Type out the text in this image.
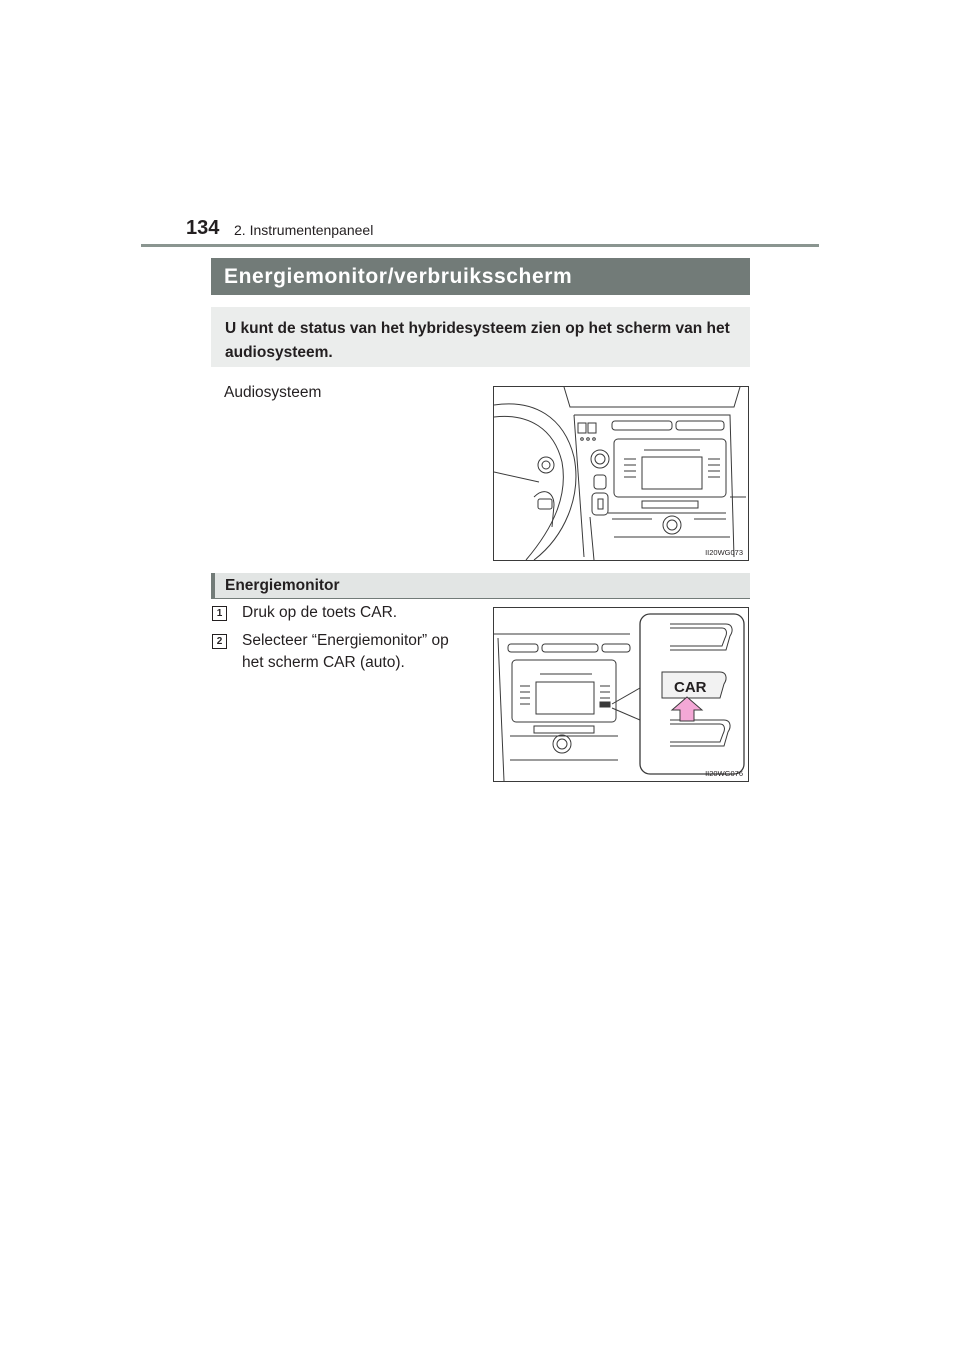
134 2. Instrumentenpaneel
Energiemonitor/verbruiksscherm
U kunt de status van het hybridesysteem zien op het scherm van het audiosysteem.
Audiosysteem
II20WG073
Energiemonitor
1	Druk op de toets CAR.
2	Selecteer “Energiemonitor” op
het scherm CAR (auto).
CAR
II20WG076
